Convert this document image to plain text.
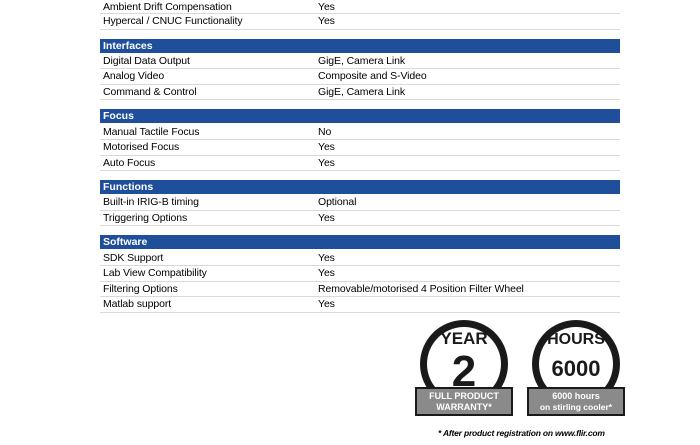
Ambient Drift Compensation	Yes
Hypercal / CNUC Functionality	Yes
Interfaces
Digital Data Output	GigE, Camera Link
Analog Video	Composite and S-Video
Command & Control	GigE, Camera Link
Focus
Manual Tactile Focus	No
Motorised Focus	Yes
Auto Focus	Yes
Functions
Built-in IRIG-B timing	Optional
Triggering Options	Yes
Software
SDK Support	Yes
Lab View Compatibility	Yes
Filtering Options	Removable/motorised 4 Position Filter Wheel
Matlab support	Yes
YEAR
2
FULL PRODUCT
WARRANTY*
HOURS
6000
6000 hours
on stirling cooler*
* After product registration on www.flir.com
